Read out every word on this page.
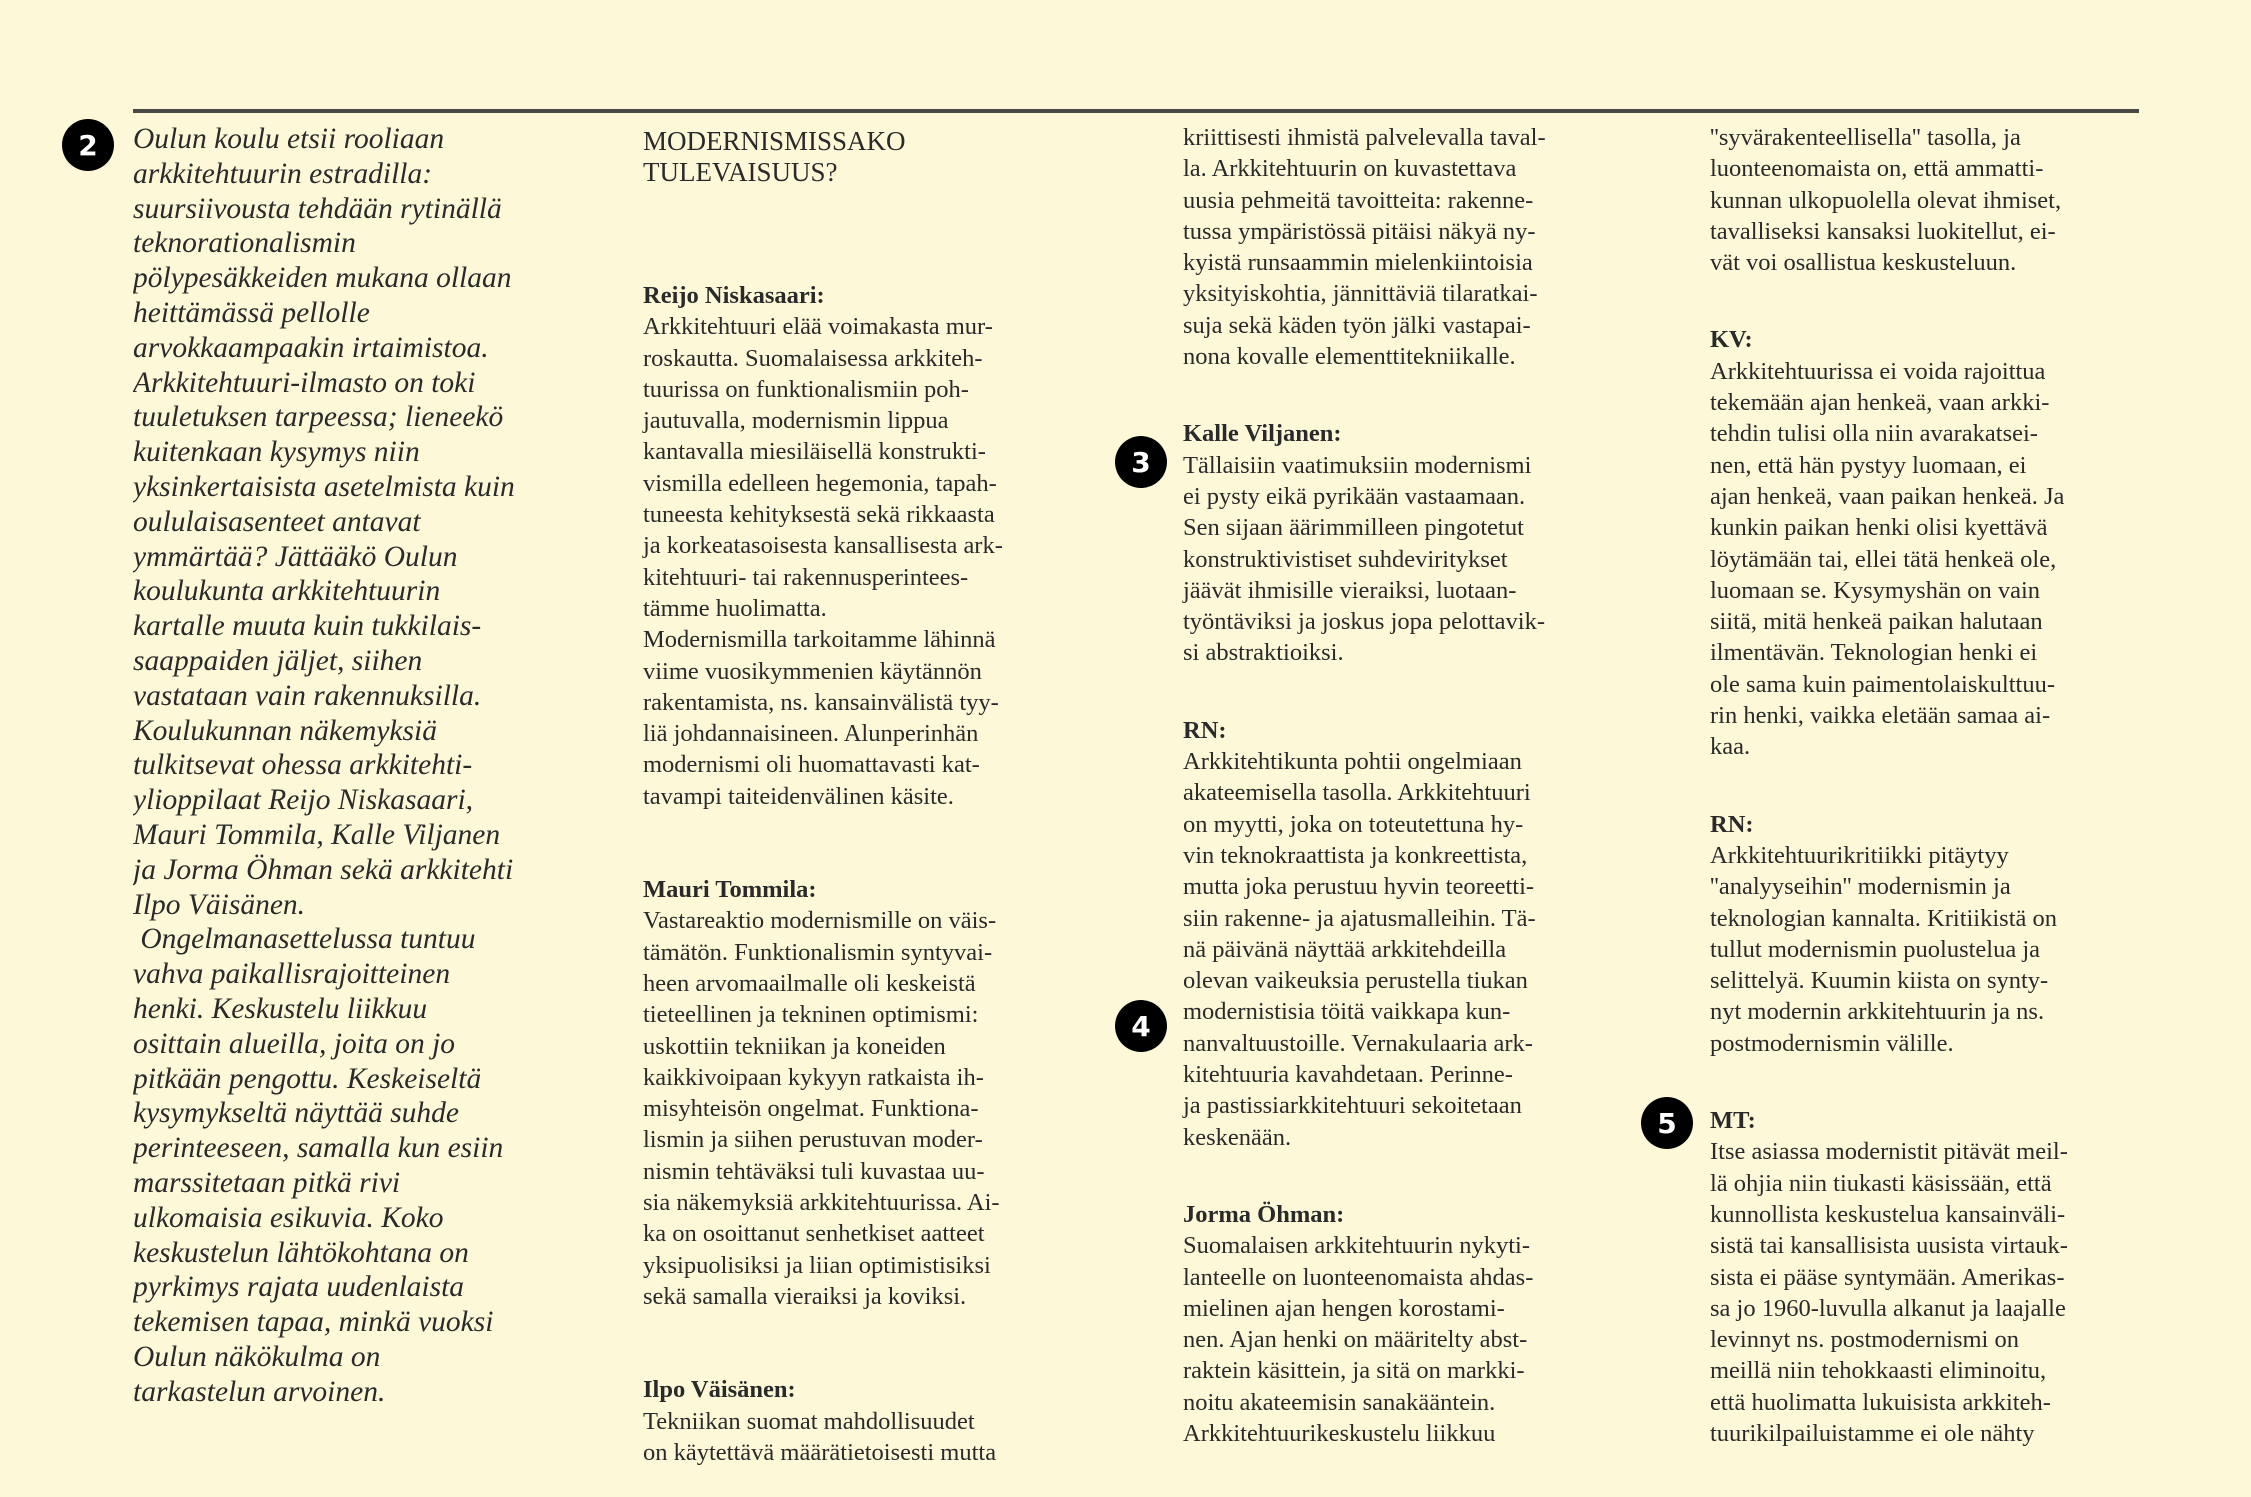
2
3
4
5
Oulun koulu etsii rooliaan
arkkitehtuurin estradilla:
suursiivousta tehdään rytinällä
teknorationalismin
pölypesäkkeiden mukana ollaan
heittämässä pellolle
arvokkaampaakin irtaimistoa.
Arkkitehtuuri-ilmasto on toki
tuuletuksen tarpeessa; lieneekö
kuitenkaan kysymys niin
yksinkertaisista asetelmista kuin
oululaisasenteet antavat
ymmärtää? Jättääkö Oulun
koulukunta arkkitehtuurin
kartalle muuta kuin tukkilais-
saappaiden jäljet, siihen
vastataan vain rakennuksilla.
Koulukunnan näkemyksiä
tulkitsevat ohessa arkkitehti-
ylioppilaat Reijo Niskasaari,
Mauri Tommila, Kalle Viljanen
ja Jorma Öhman sekä arkkitehti
Ilpo Väisänen.
Ongelmanasettelussa tuntuu
vahva paikallisrajoitteinen
henki. Keskustelu liikkuu
osittain alueilla, joita on jo
pitkään pengottu. Keskeiseltä
kysymykseltä näyttää suhde
perinteeseen, samalla kun esiin
marssitetaan pitkä rivi
ulkomaisia esikuvia. Koko
keskustelun lähtökohtana on
pyrkimys rajata uudenlaista
tekemisen tapaa, minkä vuoksi
Oulun näkökulma on
tarkastelun arvoinen.
MODERNISMISSAKO
TULEVAISUUS?
Reijo Niskasaari:
Arkkitehtuuri elää voimakasta mur-
roskautta. Suomalaisessa arkkiteh-
tuurissa on funktionalismiin poh-
jautuvalla, modernismin lippua
kantavalla miesiläisellä konstrukti-
vismilla edelleen hegemonia, tapah-
tuneesta kehityksestä sekä rikkaasta
ja korkeatasoisesta kansallisesta ark-
kitehtuuri- tai rakennusperintees-
tämme huolimatta.
Modernismilla tarkoitamme lähinnä
viime vuosikymmenien käytännön
rakentamista, ns. kansainvälistä tyy-
liä johdannaisineen. Alunperinhän
modernismi oli huomattavasti kat-
tavampi taiteidenvälinen käsite.
Mauri Tommila:
Vastareaktio modernismille on väis-
tämätön. Funktionalismin syntyvai-
heen arvomaailmalle oli keskeistä
tieteellinen ja tekninen optimismi:
uskottiin tekniikan ja koneiden
kaikkivoipaan kykyyn ratkaista ih-
misyhteisön ongelmat. Funktiona-
lismin ja siihen perustuvan moder-
nismin tehtäväksi tuli kuvastaa uu-
sia näkemyksiä arkkitehtuurissa. Ai-
ka on osoittanut senhetkiset aatteet
yksipuolisiksi ja liian optimistisiksi
sekä samalla vieraiksi ja koviksi.
Ilpo Väisänen:
Tekniikan suomat mahdollisuudet
on käytettävä määrätietoisesti mutta
kriittisesti ihmistä palvelevalla taval-
la. Arkkitehtuurin on kuvastettava
uusia pehmeitä tavoitteita: rakenne-
tussa ympäristössä pitäisi näkyä ny-
kyistä runsaammin mielenkiintoisia
yksityiskohtia, jännittäviä tilaratkai-
suja sekä käden työn jälki vastapai-
nona kovalle elementtitekniikalle.
Kalle Viljanen:
Tällaisiin vaatimuksiin modernismi
ei pysty eikä pyrikään vastaamaan.
Sen sijaan äärimmilleen pingotetut
konstruktivistiset suhdeviritykset
jäävät ihmisille vieraiksi, luotaan-
työntäviksi ja joskus jopa pelottavik-
si abstraktioiksi.
RN:
Arkkitehtikunta pohtii ongelmiaan
akateemisella tasolla. Arkkitehtuuri
on myytti, joka on toteutettuna hy-
vin teknokraattista ja konkreettista,
mutta joka perustuu hyvin teoreetti-
siin rakenne- ja ajatusmalleihin. Tä-
nä päivänä näyttää arkkitehdeilla
olevan vaikeuksia perustella tiukan
modernistisia töitä vaikkapa kun-
nanvaltuustoille. Vernakulaaria ark-
kitehtuuria kavahdetaan. Perinne-
ja pastissiarkkitehtuuri sekoitetaan
keskenään.
Jorma Öhman:
Suomalaisen arkkitehtuurin nykyti-
lanteelle on luonteenomaista ahdas-
mielinen ajan hengen korostami-
nen. Ajan henki on määritelty abst-
raktein käsittein, ja sitä on markki-
noitu akateemisin sanakääntein.
Arkkitehtuurikeskustelu liikkuu
''syvärakenteellisella'' tasolla, ja
luonteenomaista on, että ammatti-
kunnan ulkopuolella olevat ihmiset,
tavalliseksi kansaksi luokitellut, ei-
vät voi osallistua keskusteluun.
KV:
Arkkitehtuurissa ei voida rajoittua
tekemään ajan henkeä, vaan arkki-
tehdin tulisi olla niin avarakatsei-
nen, että hän pystyy luomaan, ei
ajan henkeä, vaan paikan henkeä. Ja
kunkin paikan henki olisi kyettävä
löytämään tai, ellei tätä henkeä ole,
luomaan se. Kysymyshän on vain
siitä, mitä henkeä paikan halutaan
ilmentävän. Teknologian henki ei
ole sama kuin paimentolaiskulttuu-
rin henki, vaikka eletään samaa ai-
kaa.
RN:
Arkkitehtuurikritiikki pitäytyy
''analyyseihin'' modernismin ja
teknologian kannalta. Kritiikistä on
tullut modernismin puolustelua ja
selittelyä. Kuumin kiista on synty-
nyt modernin arkkitehtuurin ja ns.
postmodernismin välille.
MT:
Itse asiassa modernistit pitävät meil-
lä ohjia niin tiukasti käsissään, että
kunnollista keskustelua kansainväli-
sistä tai kansallisista uusista virtauk-
sista ei pääse syntymään. Amerikas-
sa jo 1960-luvulla alkanut ja laajalle
levinnyt ns. postmodernismi on
meillä niin tehokkaasti eliminoitu,
että huolimatta lukuisista arkkiteh-
tuurikilpailuistamme ei ole nähty
